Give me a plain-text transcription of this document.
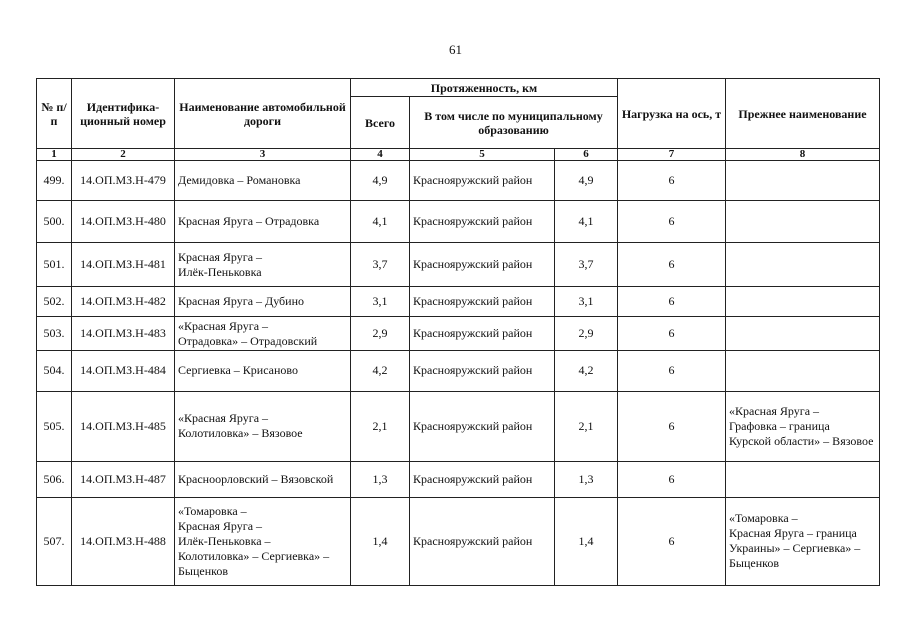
61
№ п/п	Идентифика-ционный номер	Наименование автомобильной дороги	Протяженность, км			Нагрузка на ось, т	Прежнее наименование
			Всего	В том числе по муниципальному образованию			
1	2	3	4	5	6	7	8
499.	14.ОП.МЗ.Н-479	Демидовка – Романовка	4,9	Краснояружский район	4,9	6	
500.	14.ОП.МЗ.Н-480	Красная Яруга – Отрадовка	4,1	Краснояружский район	4,1	6	
501.	14.ОП.МЗ.Н-481	Красная Яруга –
Илёк-Пеньковка	3,7	Краснояружский район	3,7	6	
502.	14.ОП.МЗ.Н-482	Красная Яруга – Дубино	3,1	Краснояружский район	3,1	6	
503.	14.ОП.МЗ.Н-483	«Красная Яруга –
Отрадовка» – Отрадовский	2,9	Краснояружский район	2,9	6	
504.	14.ОП.МЗ.Н-484	Сергиевка – Крисаново	4,2	Краснояружский район	4,2	6	
505.	14.ОП.МЗ.Н-485	«Красная Яруга –
Колотиловка» – Вязовое	2,1	Краснояружский район	2,1	6	«Красная Яруга –
Графовка – граница
Курской области» – Вязовое
506.	14.ОП.МЗ.Н-487	Красноорловский – Вязовской	1,3	Краснояружский район	1,3	6	
507.	14.ОП.МЗ.Н-488	«Томаровка –
Красная Яруга –
Илёк-Пеньковка –
Колотиловка» – Сергиевка» –
Быценков	1,4	Краснояружский район	1,4	6	«Томаровка –
Красная Яруга – граница
Украины» – Сергиевка» –
Быценков
